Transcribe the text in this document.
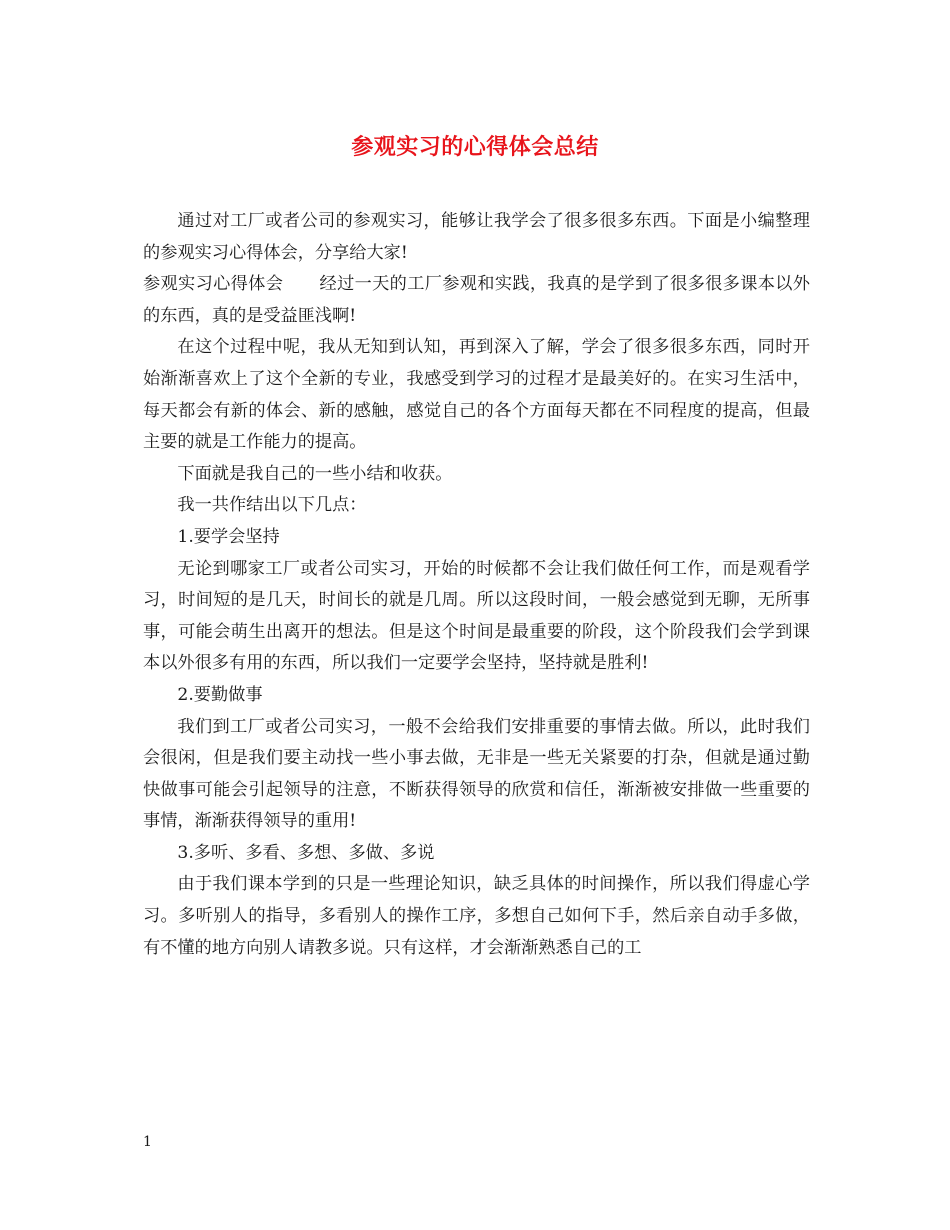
参观实习的心得体会总结

通过对工厂或者公司的参观实习，能够让我学会了很多很多东西。下面是小编整理的参观实习心得体会，分享给大家!

参观实习心得体会 经过一天的工厂参观和实践，我真的是学到了很多很多课本以外的东西，真的是受益匪浅啊!

在这个过程中呢，我从无知到认知，再到深入了解，学会了很多很多东西，同时开始渐渐喜欢上了这个全新的专业，我感受到学习的过程才是最美好的。在实习生活中，每天都会有新的体会、新的感触，感觉自己的各个方面每天都在不同程度的提高，但最主要的就是工作能力的提高。

下面就是我自己的一些小结和收获。

我一共作结出以下几点：

1.要学会坚持

无论到哪家工厂或者公司实习，开始的时候都不会让我们做任何工作，而是观看学习，时间短的是几天，时间长的就是几周。所以这段时间，一般会感觉到无聊，无所事事，可能会萌生出离开的想法。但是这个时间是最重要的阶段，这个阶段我们会学到课本以外很多有用的东西，所以我们一定要学会坚持，坚持就是胜利!

2.要勤做事

我们到工厂或者公司实习，一般不会给我们安排重要的事情去做。所以，此时我们会很闲，但是我们要主动找一些小事去做，无非是一些无关紧要的打杂，但就是通过勤快做事可能会引起领导的注意，不断获得领导的欣赏和信任，渐渐被安排做一些重要的事情，渐渐获得领导的重用!

3.多听、多看、多想、多做、多说

由于我们课本学到的只是一些理论知识，缺乏具体的时间操作，所以我们得虚心学习。多听别人的指导，多看别人的操作工序，多想自己如何下手，然后亲自动手多做，有不懂的地方向别人请教多说。只有这样，才会渐渐熟悉自己的工

1
